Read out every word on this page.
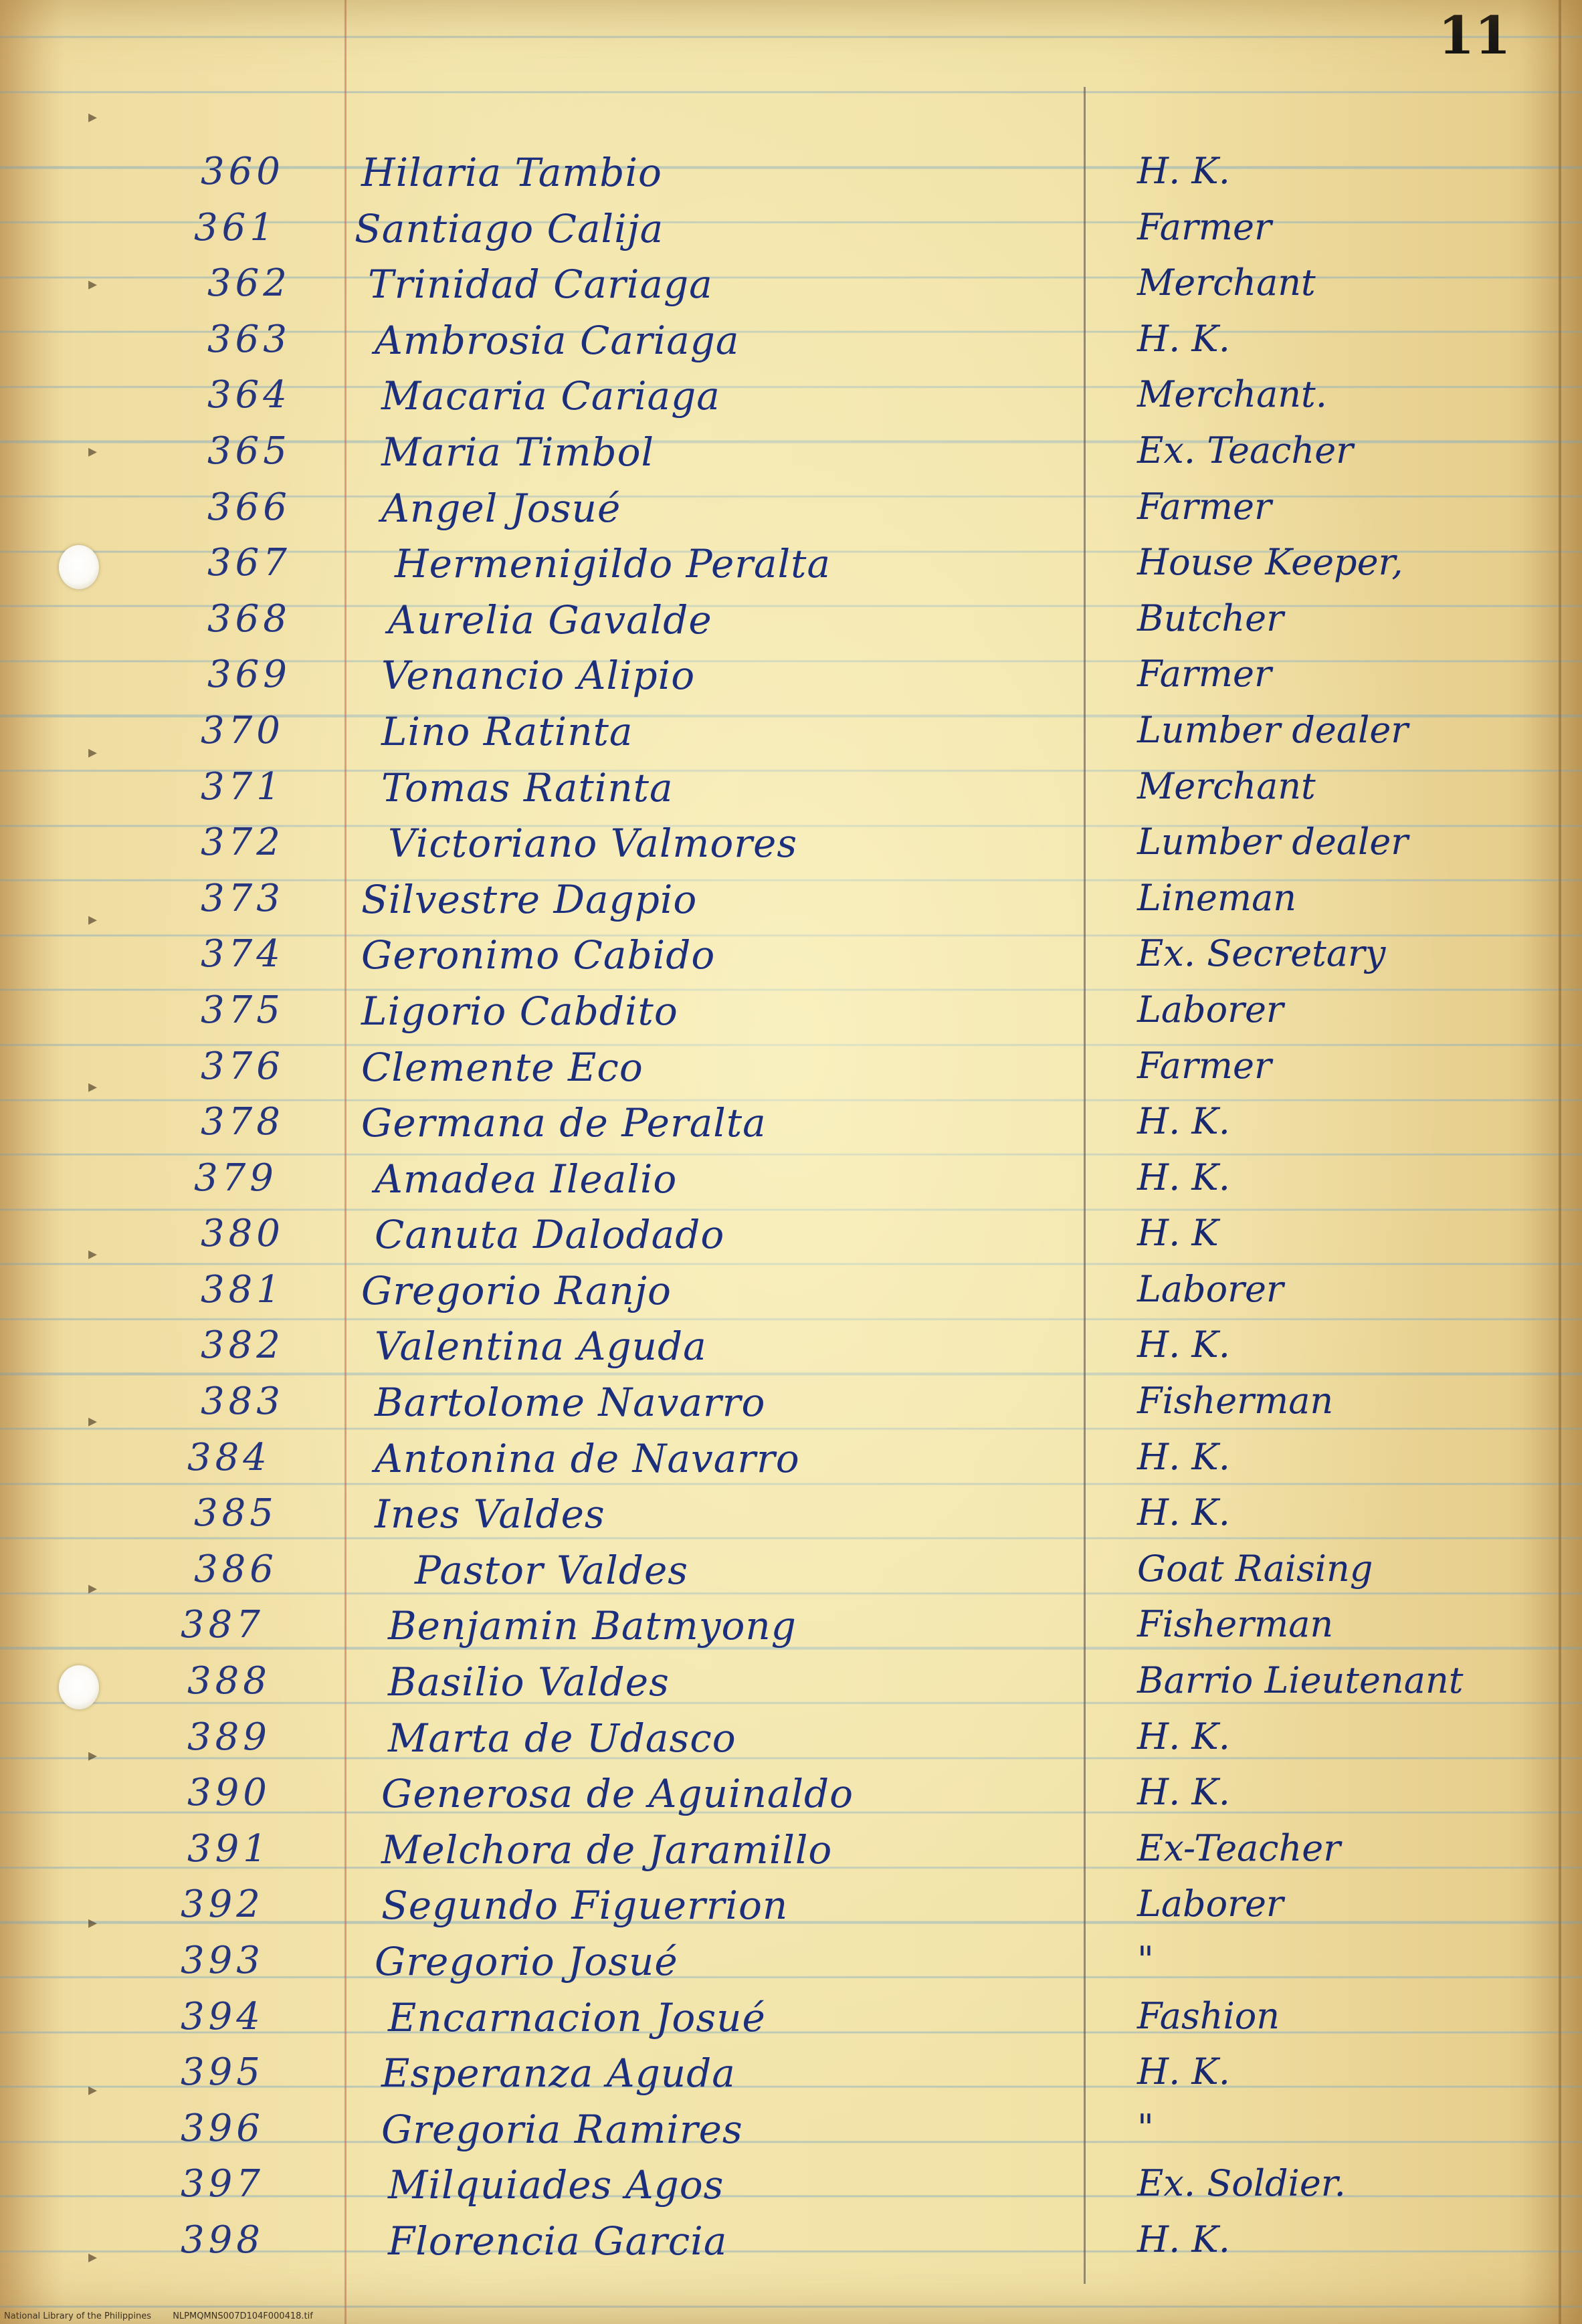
11
360	Hilaria Tambio	H. K.
361	Santiago Calija	Farmer
362	Trinidad Cariaga	Merchant
363	Ambrosia Cariaga	H. K.
364	Macaria Cariaga	Merchant.
365	Maria Timbol	Ex. Teacher
366	Angel Josué	Farmer
367	Hermenigildo Peralta	House Keeper,
368	Aurelia Gavalde	Butcher
369	Venancio Alipio	Farmer
370	Lino Ratinta	Lumber dealer
371	Tomas Ratinta	Merchant
372	Victoriano Valmores	Lumber dealer
373	Silvestre Dagpio	Lineman
374	Geronimo Cabido	Ex. Secretary
375	Ligorio Cabdito	Laborer
376	Clemente Eco	Farmer
378	Germana de Peralta	H. K.
379	Amadea Ilealio	H. K.
380	Canuta Dalodado	H. K
381	Gregorio Ranjo	Laborer
382	Valentina Aguda	H. K.
383	Bartolome Navarro	Fisherman
384	Antonina de Navarro	H. K.
385	Ines Valdes	H. K.
386	Pastor Valdes	Goat Raising
387	Benjamin Batmyong	Fisherman
388	Basilio Valdes	Barrio Lieutenant
389	Marta de Udasco	H. K.
390	Generosa de Aguinaldo	H. K.
391	Melchora de Jaramillo	Ex-Teacher
392	Segundo Figuerrion	Laborer
393	Gregorio Josué	"
394	Encarnacion Josué	Fashion
395	Esperanza Aguda	H. K.
396	Gregoria Ramires	"
397	Milquiades Agos	Ex. Soldier.
398	Florencia Garcia	H. K.
National Library of the Philippines NLPMQMNS007D104F000418.tif
▸
▸
▸
▸
▸
▸
▸
▸
▸
▸
▸
▸
▸
